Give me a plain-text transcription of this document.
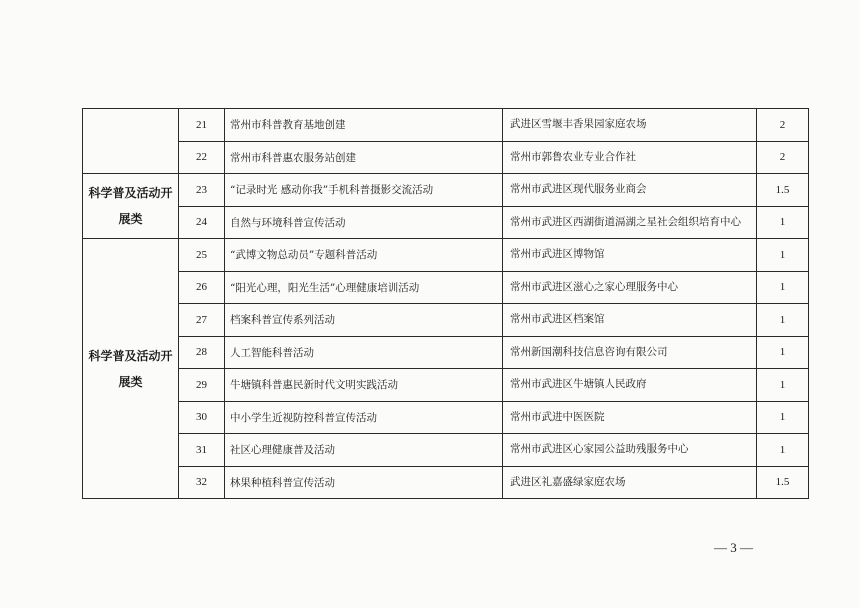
	21	常州市科普教育基地创建	武进区雪堰丰香果园家庭农场	2
	22	常州市科普惠农服务站创建	常州市郭鲁农业专业合作社	2
科学普及活动开展类	23	“记录时光 感动你我”手机科普摄影交流活动	常州市武进区现代服务业商会	1.5
	24	自然与环境科普宣传活动	常州市武进区西湖街道滆湖之星社会组织培育中心	1
科学普及活动开展类	25	“武博文物总动员”专题科普活动	常州市武进区博物馆	1
	26	“阳光心理，阳光生活”心理健康培训活动	常州市武进区滋心之家心理服务中心	1
	27	档案科普宣传系列活动	常州市武进区档案馆	1
	28	人工智能科普活动	常州新国潮科技信息咨询有限公司	1
	29	牛塘镇科普惠民新时代文明实践活动	常州市武进区牛塘镇人民政府	1
	30	中小学生近视防控科普宣传活动	常州市武进中医医院	1
	31	社区心理健康普及活动	常州市武进区心家园公益助残服务中心	1
	32	林果种植科普宣传活动	武进区礼嘉盛绿家庭农场	1.5
— 3 —
